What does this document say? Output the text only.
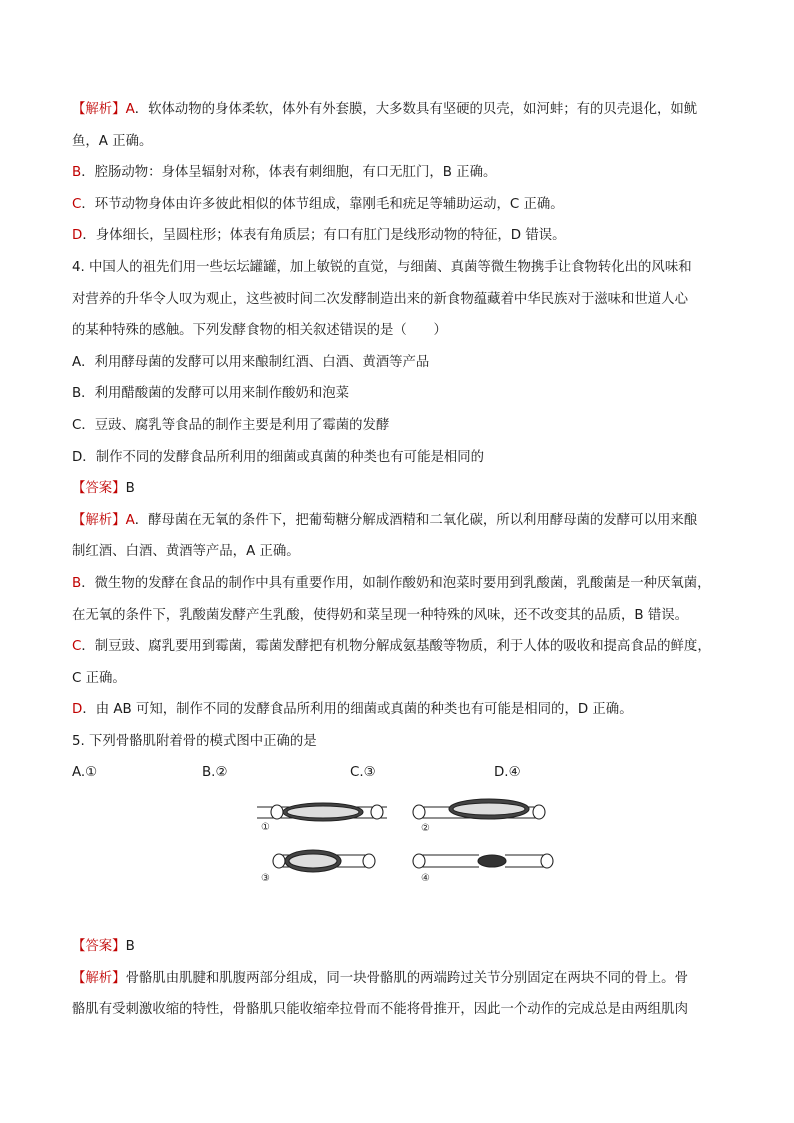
【解析】A．软体动物的身体柔软，体外有外套膜，大多数具有坚硬的贝壳，如河蚌；有的贝壳退化，如鱿
鱼，A 正确。
B．腔肠动物：身体呈辐射对称，体表有刺细胞，有口无肛门，B 正确。
C．环节动物身体由许多彼此相似的体节组成，靠刚毛和疣足等辅助运动，C 正确。
D．身体细长，呈圆柱形；体表有角质层；有口有肛门是线形动物的特征，D 错误。
4. 中国人的祖先们用一些坛坛罐罐，加上敏锐的直觉，与细菌、真菌等微生物携手让食物转化出的风味和
对营养的升华令人叹为观止，这些被时间二次发酵制造出来的新食物蕴藏着中华民族对于滋味和世道人心
的某种特殊的感触。下列发酵食物的相关叙述错误的是（　　）
A．利用酵母菌的发酵可以用来酿制红酒、白酒、黄酒等产品
B．利用醋酸菌的发酵可以用来制作酸奶和泡菜
C．豆豉、腐乳等食品的制作主要是利用了霉菌的发酵
D．制作不同的发酵食品所利用的细菌或真菌的种类也有可能是相同的
【答案】B
【解析】A．酵母菌在无氧的条件下，把葡萄糖分解成酒精和二氧化碳，所以利用酵母菌的发酵可以用来酿
制红酒、白酒、黄酒等产品，A 正确。
B．微生物的发酵在食品的制作中具有重要作用，如制作酸奶和泡菜时要用到乳酸菌，乳酸菌是一种厌氧菌，
在无氧的条件下，乳酸菌发酵产生乳酸，使得奶和菜呈现一种特殊的风味，还不改变其的品质，B 错误。
C．制豆豉、腐乳要用到霉菌，霉菌发酵把有机物分解成氨基酸等物质，利于人体的吸收和提高食品的鲜度，
C 正确。
D．由 AB 可知，制作不同的发酵食品所利用的细菌或真菌的种类也有可能是相同的，D 正确。
5. 下列骨骼肌附着骨的模式图中正确的是
A.①	B.②	C.③	D.④
①
③
②
④
【答案】B
【解析】骨骼肌由肌腱和肌腹两部分组成，同一块骨骼肌的两端跨过关节分别固定在两块不同的骨上。骨
骼肌有受刺激收缩的特性，骨骼肌只能收缩牵拉骨而不能将骨推开，因此一个动作的完成总是由两组肌肉
